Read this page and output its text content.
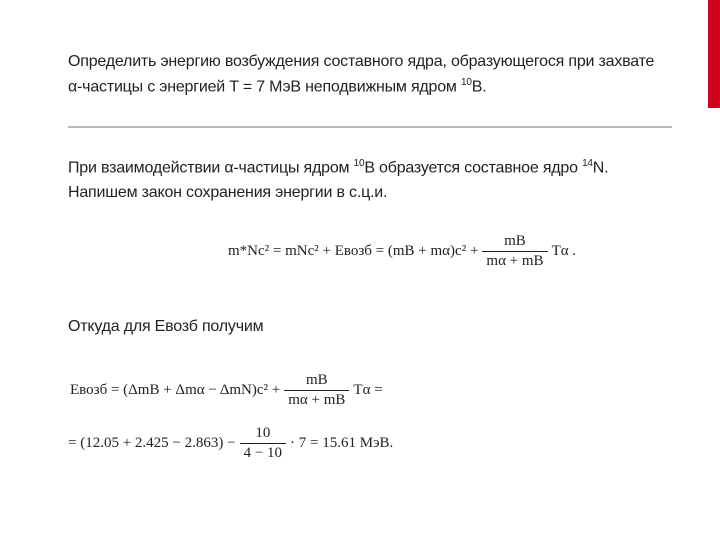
Определить энергию возбуждения составного ядра, образующегося при захвате
α-частицы с энергией T = 7 МэВ неподвижным ядром $^{10}$B.
При взаимодействии α-частицы ядром $^{10}$B образуется составное ядро $^{14}$N.
Напишем закон сохранения энергии в с.ц.и.
m*Nc² = mNc² + Eвозб = $(mB + m\alpha)c^2 + \frac{mB}{m\alpha + mB}$ Tα .
Откуда для Eвозб получим
Eвозб = $(\Delta mB + \Delta m\alpha - \Delta mN)c^2 + \frac{mB}{m\alpha + mB}$ Tα =
= $(12.05 + 2.425 - 2.863) - \frac{10}{4 - 10} \cdot 7 = 15.61$ МэВ.
